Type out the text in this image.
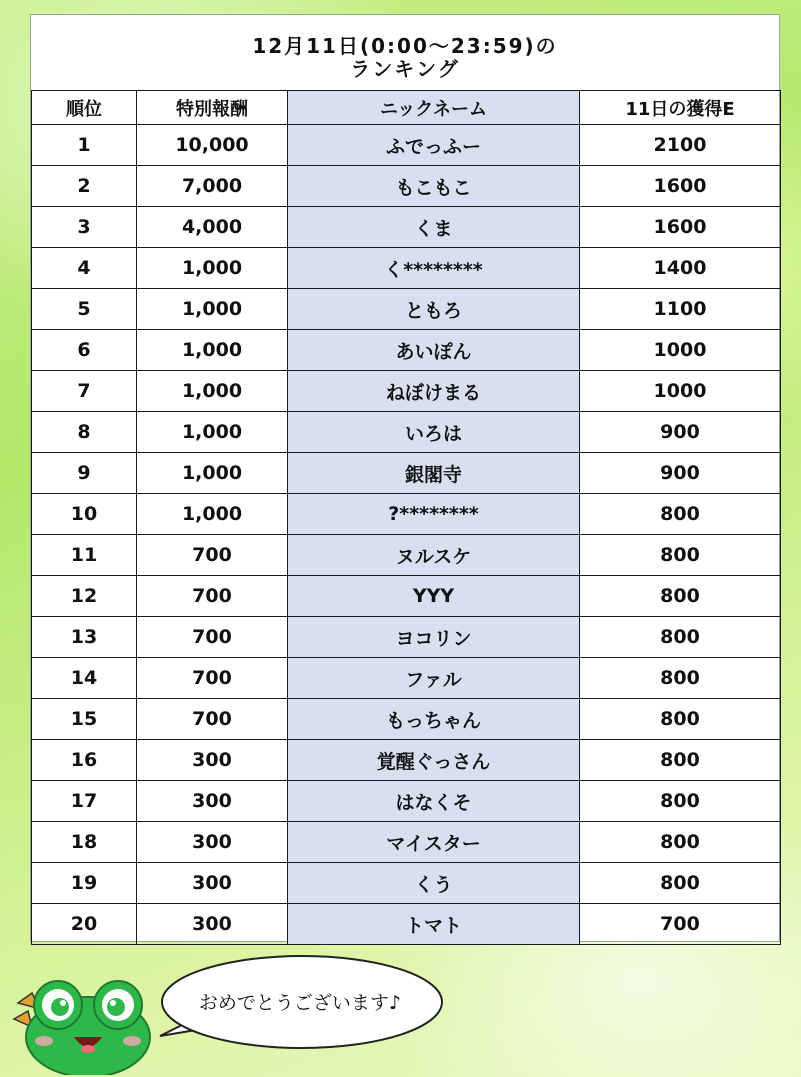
12月11日(0:00〜23:59)の
ランキング
順位	特別報酬	ニックネーム	11日の獲得E
1	10,000	ふでっふー	2100
2	7,000	もこもこ	1600
3	4,000	くま	1600
4	1,000	く********	1400
5	1,000	ともろ	1100
6	1,000	あいぽん	1000
7	1,000	ねぼけまる	1000
8	1,000	いろは	900
9	1,000	銀閣寺	900
10	1,000	?********	800
11	700	ヌルスケ	800
12	700	YYY	800
13	700	ヨコリン	800
14	700	ファル	800
15	700	もっちゃん	800
16	300	覚醒ぐっさん	800
17	300	はなくそ	800
18	300	マイスター	800
19	300	くう	800
20	300	トマト	700
おめでとうございます♪
